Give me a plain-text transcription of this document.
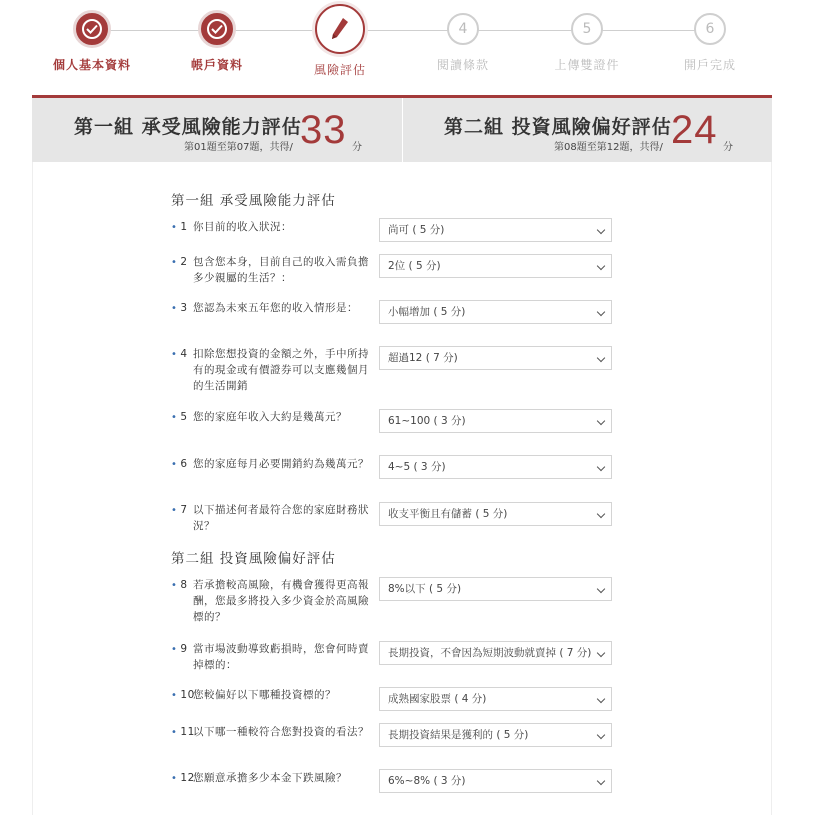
個人基本資料	帳戶資料	風險評估
4
閱讀條款
5
上傳雙證件
6
開戶完成
第一組 承受風險能力評估
第01題至第07題，共得/ 33 分
第二組 投資風險偏好評估
第08題至第12題，共得/ 24 分
第一組 承受風險能力評估
• 1 你目前的收入狀況：	尚可 ( 5 分)
• 2 包含您本身，目前自己的收入需負擔多少親屬的生活？：
2位 ( 5 分)
• 3 您認為未來五年您的收入情形是：	小幅增加 ( 5 分)
• 4 扣除您想投資的金額之外，手中所持有的現金或有價證券可以支應幾個月的生活開銷
超過12 ( 7 分)
• 5 您的家庭年收入大約是幾萬元？	61~100 ( 3 分)
• 6 您的家庭每月必要開銷約為幾萬元？	4~5 ( 3 分)
• 7 以下描述何者最符合您的家庭財務狀況？
收支平衡且有儲蓄 ( 5 分)
第二組 投資風險偏好評估
• 8 若承擔較高風險，有機會獲得更高報酬，您最多將投入多少資金於高風險標的？
8%以下 ( 5 分)
• 9 當市場波動導致虧損時，您會何時賣掉標的：
長期投資，不會因為短期波動就賣掉 ( 7 分)
• 10
您較偏好以下哪種投資標的？	成熟國家股票 ( 4 分)
• 11
以下哪一種較符合您對投資的看法？	長期投資結果是獲利的 ( 5 分)
• 12
您願意承擔多少本金下跌風險？	6%~8% ( 3 分)
